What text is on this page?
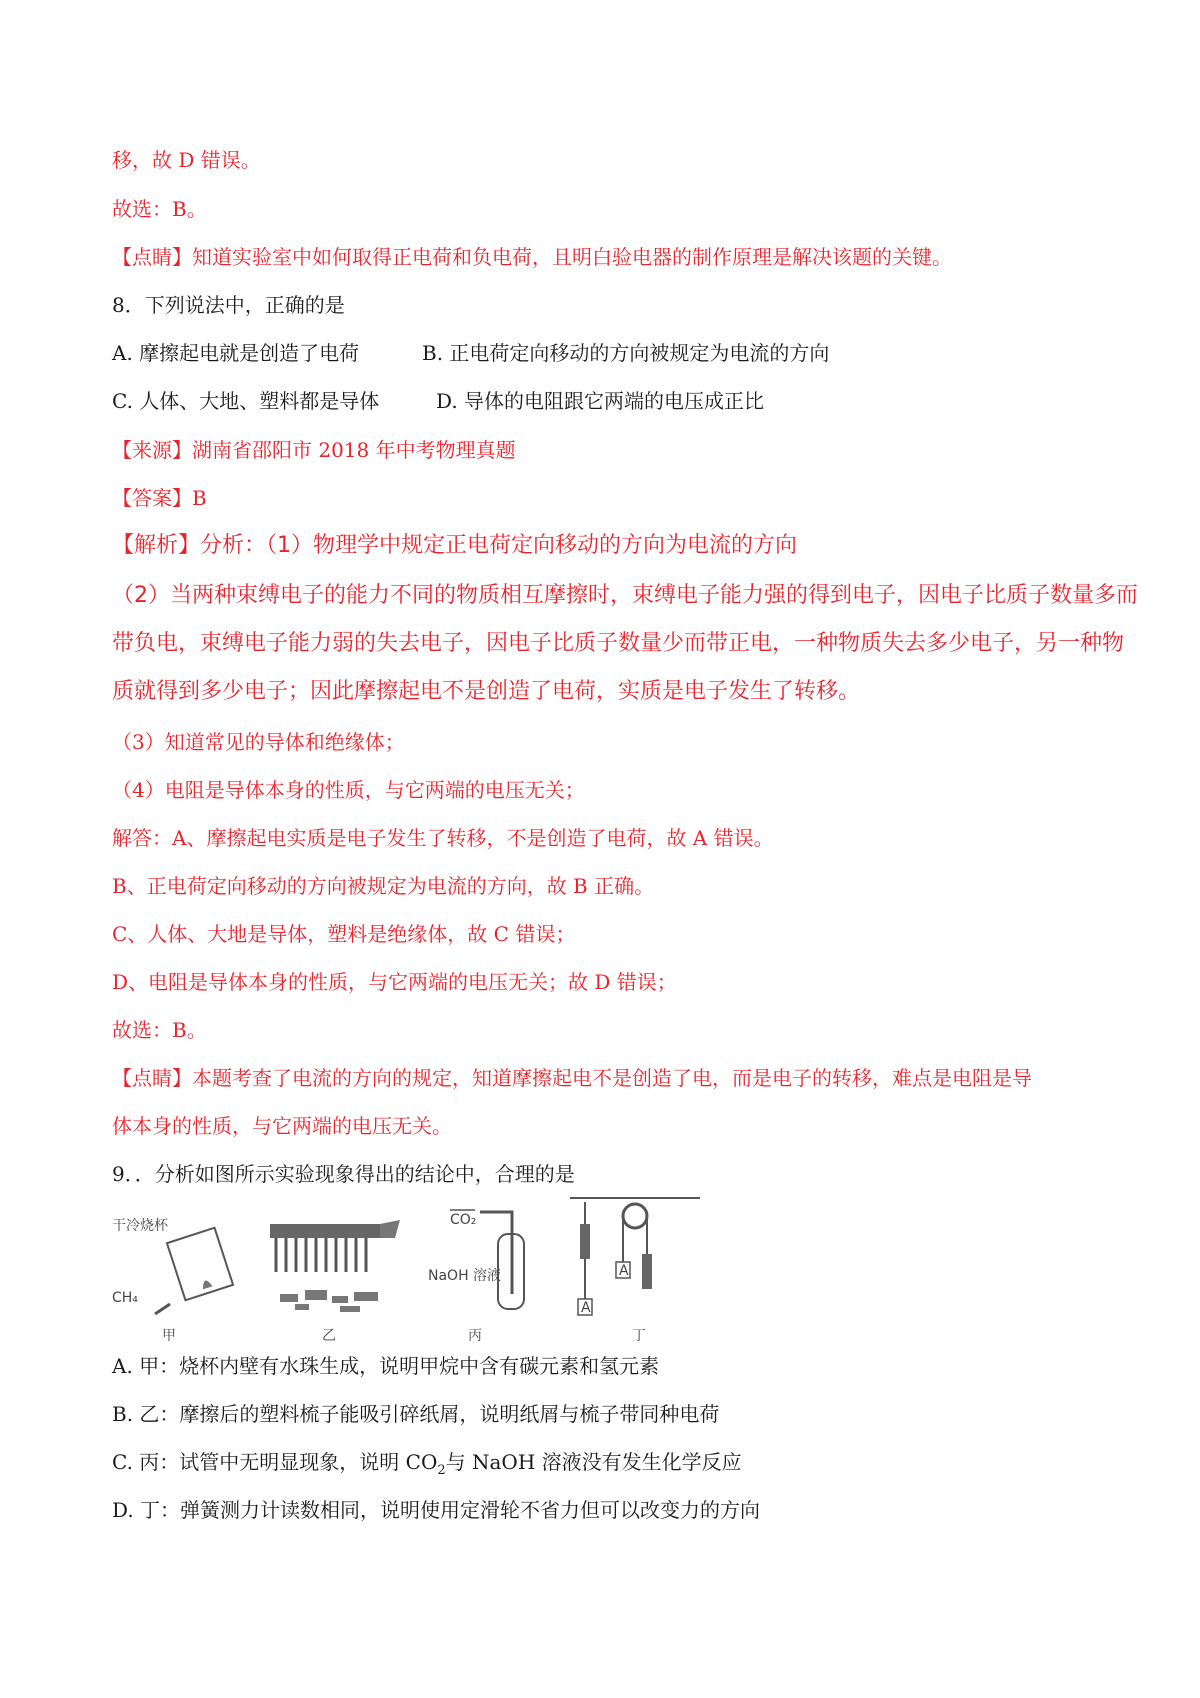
移，故 D 错误。
故选：B。
【点睛】知道实验室中如何取得正电荷和负电荷，且明白验电器的制作原理是解决该题的关键。
8．下列说法中，正确的是
A. 摩擦起电就是创造了电荷	B. 正电荷定向移动的方向被规定为电流的方向
C. 人体、大地、塑料都是导体	D. 导体的电阻跟它两端的电压成正比
【来源】湖南省邵阳市 2018 年中考物理真题
【答案】B
【解析】分析：（1）物理学中规定正电荷定向移动的方向为电流的方向
（2）当两种束缚电子的能力不同的物质相互摩擦时，束缚电子能力强的得到电子，因电子比质子数量多而
带负电，束缚电子能力弱的失去电子，因电子比质子数量少而带正电，一种物质失去多少电子，另一种物
质就得到多少电子；因此摩擦起电不是创造了电荷，实质是电子发生了转移。
（3）知道常见的导体和绝缘体；
（4）电阻是导体本身的性质，与它两端的电压无关；
解答：A、摩擦起电实质是电子发生了转移，不是创造了电荷，故 A 错误。
B、正电荷定向移动的方向被规定为电流的方向，故 B 正确。
C、人体、大地是导体，塑料是绝缘体，故 C 错误；
D、电阻是导体本身的性质，与它两端的电压无关；故 D 错误；
故选：B。
【点睛】本题考查了电流的方向的规定，知道摩擦起电不是创造了电，而是电子的转移，难点是电阻是导
体本身的性质，与它两端的电压无关。
9．．分析如图所示实验现象得出的结论中，合理的是
干冷烧杯
CH₄
甲	乙
CO₂
NaOH 溶液
丙
A
A
丁
A. 甲：烧杯内壁有水珠生成，说明甲烷中含有碳元素和氢元素
B. 乙：摩擦后的塑料梳子能吸引碎纸屑，说明纸屑与梳子带同种电荷
C. 丙：试管中无明显现象，说明 $CO_2$与 NaOH 溶液没有发生化学反应
D. 丁：弹簧测力计读数相同，说明使用定滑轮不省力但可以改变力的方向
